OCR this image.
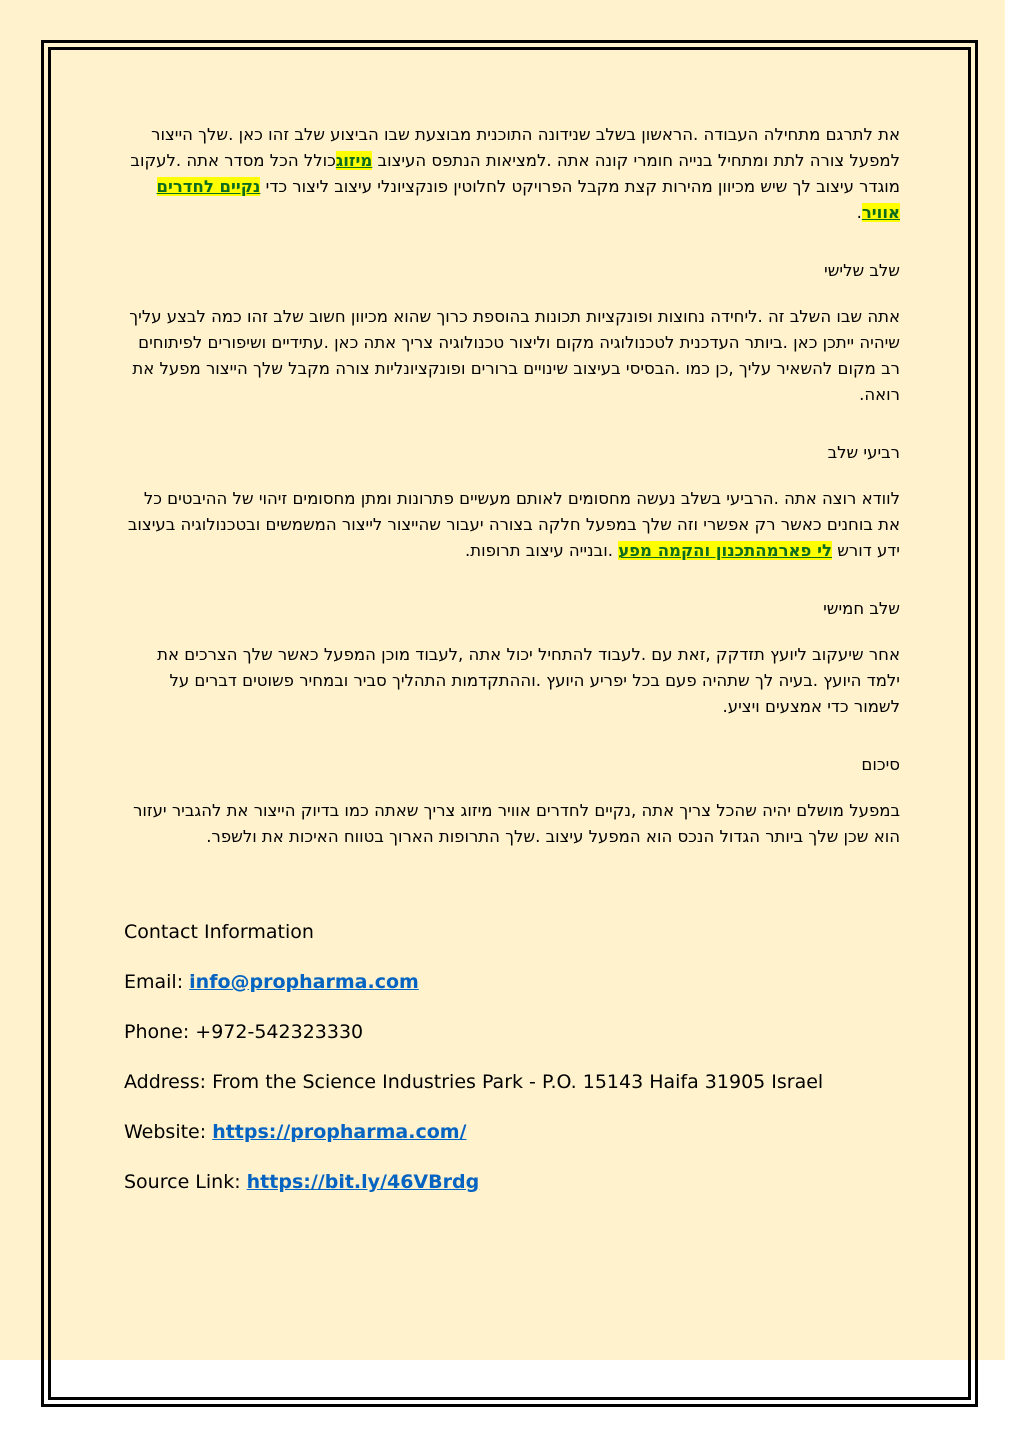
את לתרגם מתחילה העבודה .הראשון בשלב שנידונה התוכנית מבוצעת שבו הביצוע שלב זהו כאן .שלך הייצור למפעל צורה לתת ומתחיל בנייה חומרי קונה אתה .למציאות הנתפס העיצוב מיזוגכולל הכל מסדר אתה .לעקוב מוגדר עיצוב לך שיש מכיוון מהירות קצת מקבל הפרויקט לחלוטין פונקציונלי עיצוב ליצור כדי נקיים לחדרים אוויר.

שלב שלישי

אתה שבו השלב זה .ליחידה נחוצות ופונקציות תכונות בהוספת כרוך שהוא מכיוון חשוב שלב זהו כמה לבצע עליך שיהיה ייתכן כאן .ביותר העדכנית לטכנולוגיה מקום וליצור טכנולוגיה צריך אתה כאן .עתידיים ושיפורים לפיתוחים רב מקום להשאיר עליך ,כן כמו .הבסיסי בעיצוב שינויים ברורים ופונקציונליות צורה מקבל שלך הייצור מפעל את רואה.

רביעי שלב

לוודא רוצה אתה .הרביעי בשלב נעשה מחסומים לאותם מעשיים פתרונות ומתן מחסומים זיהוי של ההיבטים כל את בוחנים כאשר רק אפשרי וזה שלך במפעל חלקה בצורה יעבור שהייצור לייצור המשמשים ובטכנולוגיה בעיצוב ידע דורש לי פארמהתכנון והקמה מפע .ובנייה עיצוב תרופות.

שלב חמישי

אחר שיעקוב ליועץ תזדקק ,זאת עם .לעבוד להתחיל יכול אתה ,לעבוד מוכן המפעל כאשר שלך הצרכים את ילמד היועץ .בעיה לך שתהיה פעם בכל יפריע היועץ .וההתקדמות התהליך סביר ובמחיר פשוטים דברים על לשמור כדי אמצעים ויציע.

סיכום

במפעל מושלם יהיה שהכל צריך אתה ,נקיים לחדרים אוויר מיזוג צריך שאתה כמו בדיוק הייצור את להגביר יעזור הוא שכן שלך ביותר הגדול הנכס הוא המפעל עיצוב .שלך התרופות הארוך בטווח האיכות את ולשפר.

Contact Information

Email: info@propharma.com

Phone: +972-542323330

Address: From the Science Industries Park - P.O. 15143 Haifa 31905 Israel

Website: https://propharma.com/

Source Link: https://bit.ly/46VBrdg
